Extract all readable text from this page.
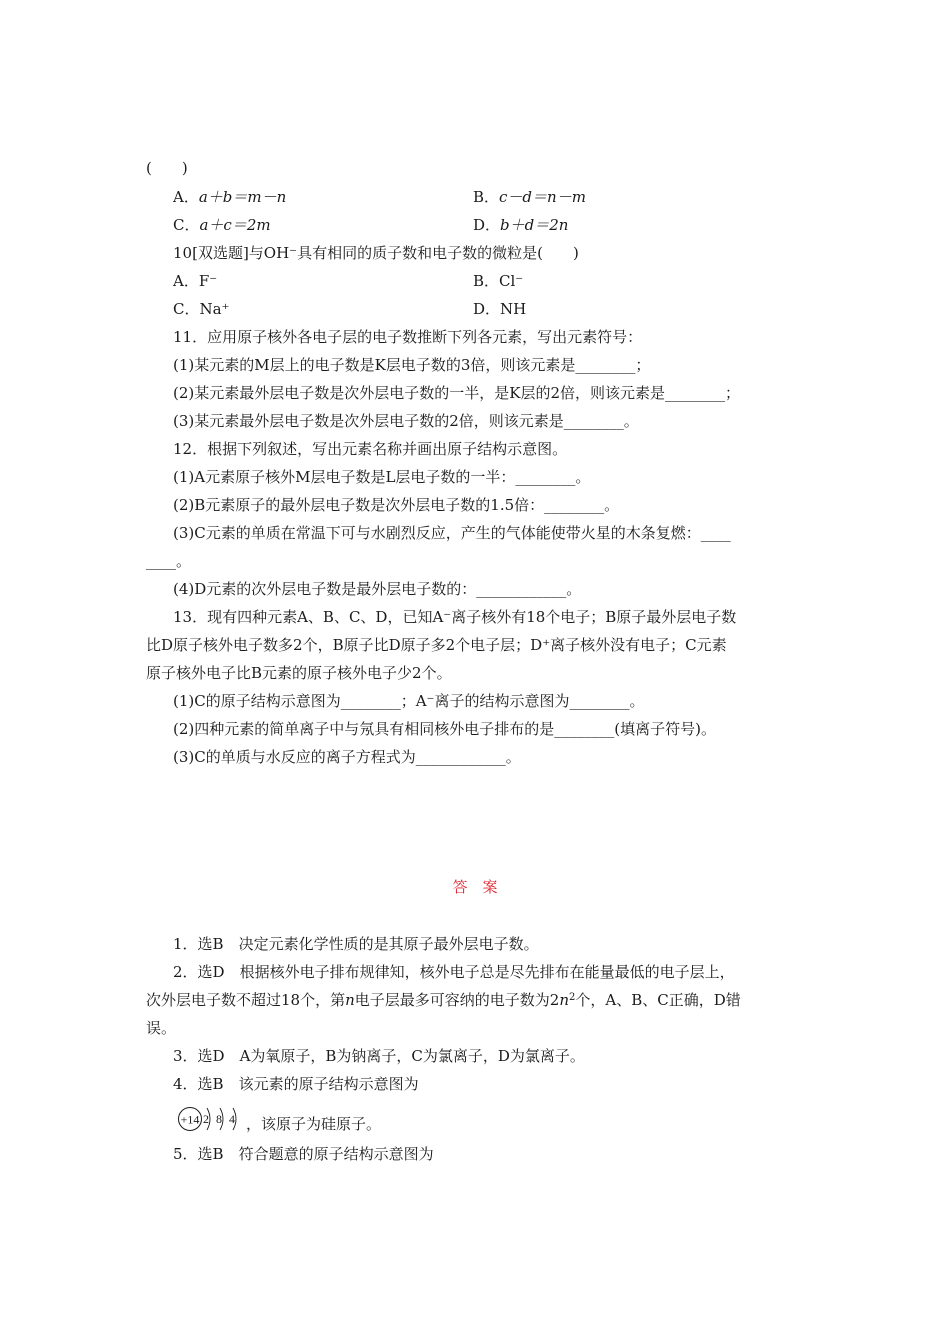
(　　)
A．a＋b＝m－n	B．c－d＝n－m
C．a＋c＝2m	D．b＋d＝2n
10[双选题]与OH⁻具有相同的质子数和电子数的微粒是(　　)
A．F⁻	B．Cl⁻
C．Na⁺	D．NH
11．应用原子核外各电子层的电子数推断下列各元素，写出元素符号：
(1)某元素的M层上的电子数是K层电子数的3倍，则该元素是________；
(2)某元素最外层电子数是次外层电子数的一半，是K层的2倍，则该元素是________；
(3)某元素最外层电子数是次外层电子数的2倍，则该元素是________。
12．根据下列叙述，写出元素名称并画出原子结构示意图。
(1)A元素原子核外M层电子数是L层电子数的一半：________。
(2)B元素原子的最外层电子数是次外层电子数的1.5倍：________。
(3)C元素的单质在常温下可与水剧烈反应，产生的气体能使带火星的木条复燃：____
____。
(4)D元素的次外层电子数是最外层电子数的：____________。
13．现有四种元素A、B、C、D，已知A⁻离子核外有18个电子；B原子最外层电子数
比D原子核外电子数多2个，B原子比D原子多2个电子层；D⁺离子核外没有电子；C元素
原子核外电子比B元素的原子核外电子少2个。
(1)C的原子结构示意图为________；A⁻离子的结构示意图为________。
(2)四种元素的简单离子中与氖具有相同核外电子排布的是________(填离子符号)。
(3)C的单质与水反应的离子方程式为____________。
答　案
1．选B　决定元素化学性质的是其原子最外层电子数。
2．选D　根据核外电子排布规律知，核外电子总是尽先排布在能量最低的电子层上，
次外层电子数不超过18个，第n电子层最多可容纳的电子数为$2n^2$个，A、B、C正确，D错
误。
3．选D　A为氧原子，B为钠离子，C为氯离子，D为氯离子。
4．选B　该元素的原子结构示意图为
+14 2 8 4 ，该原子为硅原子。
5．选B　符合题意的原子结构示意图为
